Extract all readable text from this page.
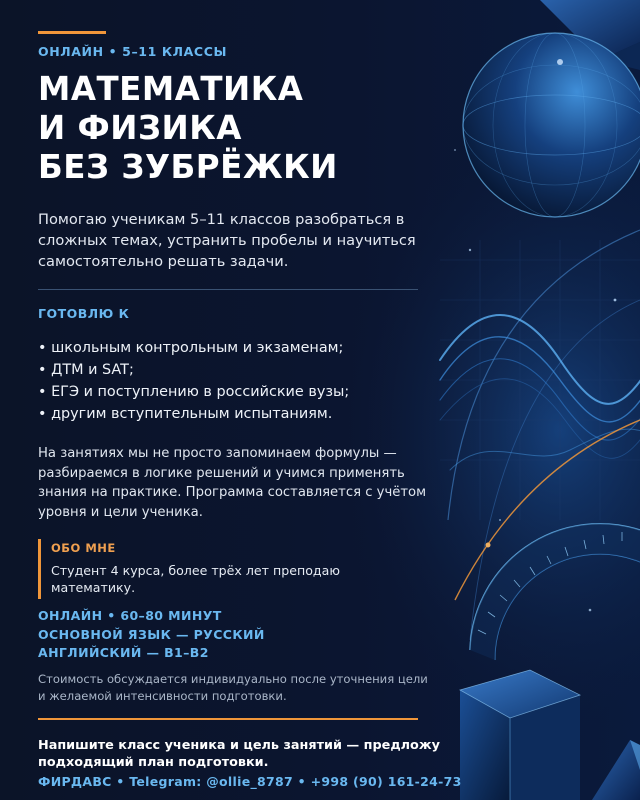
ОНЛАЙН • 5–11 КЛАССЫ
МАТЕМАТИКА
И ФИЗИКА
БЕЗ ЗУБРЁЖКИ

Помогаю ученикам 5–11 классов разобраться в сложных темах, устранить пробелы и научиться самостоятельно решать задачи.

ГОТОВЛЮ К
• школьным контрольным и экзаменам;
• ДТМ и SAT;
• ЕГЭ и поступлению в российские вузы;
• другим вступительным испытаниям.

На занятиях мы не просто запоминаем формулы — разбираемся в логике решений и учимся применять знания на практике. Программа составляется с учётом уровня и цели ученика.

ОБО МНЕ

Студент 4 курса, более трёх лет преподаю математику.

ОНЛАЙН • 60–80 МИНУТ
ОСНОВНОЙ ЯЗЫК — РУССКИЙ
АНГЛИЙСКИЙ — B1–B2

Стоимость обсуждается индивидуально после уточнения цели и желаемой интенсивности подготовки.

Напишите класс ученика и цель занятий — предложу подходящий план подготовки.

ФИРДАВС • Telegram: @ollie_8787 • +998 (90) 161-24-73
